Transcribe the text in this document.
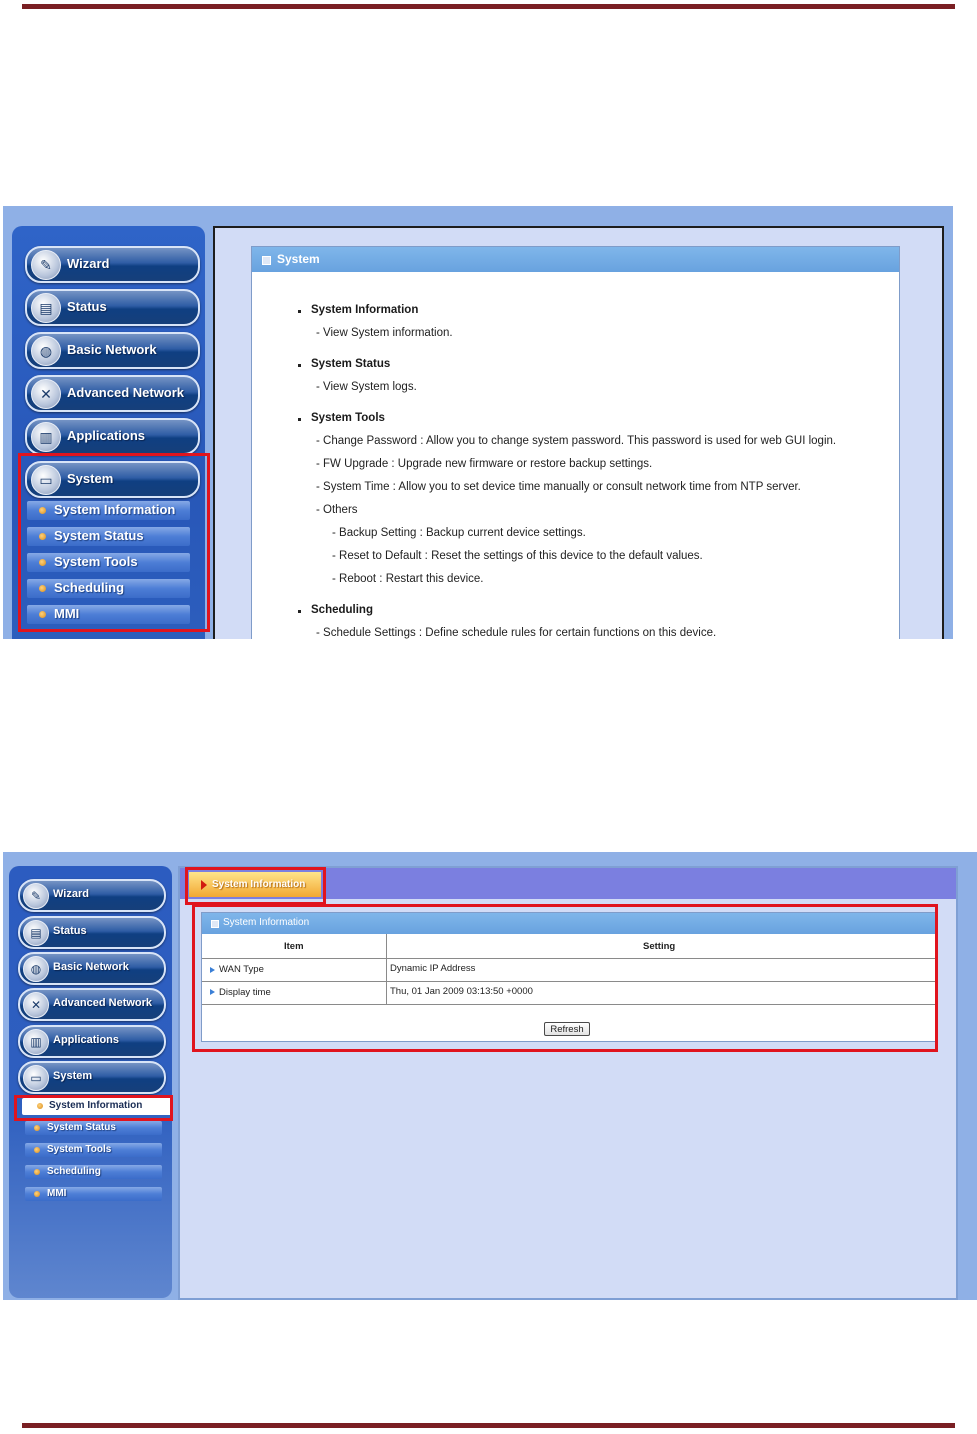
✎	Wizard
▤	Status
◍	Basic Network
✕	Advanced Network
▥	Applications
▭	System
System Information
System Status
System Tools
Scheduling
MMI
System
System Information
- View System information.
System Status
- View System logs.
System Tools
- Change Password : Allow you to change system password. This password is used for web GUI login.
- FW Upgrade : Upgrade new firmware or restore backup settings.
- System Time : Allow you to set device time manually or consult network time from NTP server.
- Others
- Backup Setting : Backup current device settings.
- Reset to Default : Reset the settings of this device to the default values.
- Reboot : Restart this device.
Scheduling
- Schedule Settings : Define schedule rules for certain functions on this device.
✎	Wizard
▤	Status
◍	Basic Network
✕	Advanced Network
▥	Applications
▭	System
System Information
System Status
System Tools
Scheduling
MMI
System Information
System Information
Item	Setting
WAN Type	Dynamic IP Address
Display time	Thu, 01 Jan 2009 03:13:50 +0000
Refresh
